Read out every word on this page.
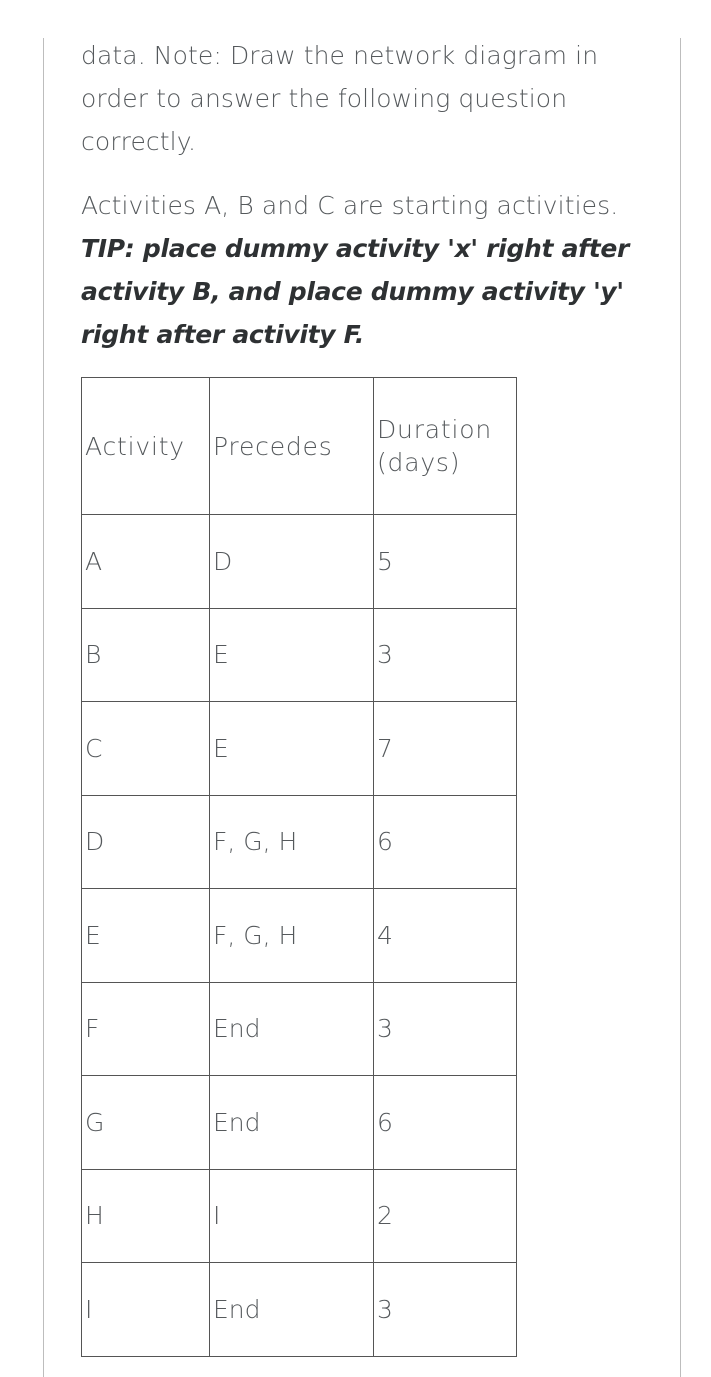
data. Note: Draw the network diagram in order to answer the following question correctly.

Activities A, B and C are starting activities. TIP: place dummy activity 'x' right after activity B, and place dummy activity 'y' right after activity F.

Activity	Precedes	Duration (days)
A	D	5
B	E	3
C	E	7
D	F, G, H	6
E	F, G, H	4
F	End	3
G	End	6
H	I	2
I	End	3
